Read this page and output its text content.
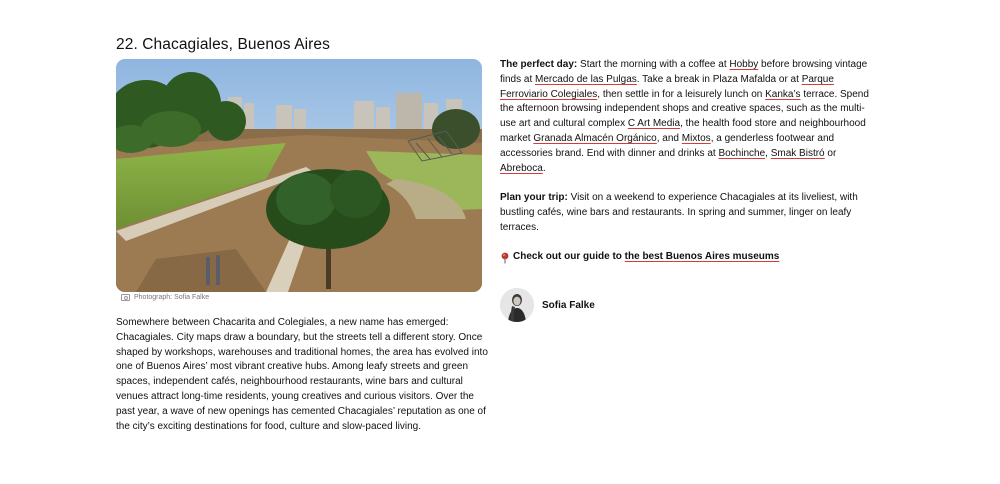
22. Chacagiales, Buenos Aires
Photograph: Sofia Falke

Somewhere between Chacarita and Colegiales, a new name has emerged: Chacagiales. City maps draw a boundary, but the streets tell a different story. Once shaped by workshops, warehouses and traditional homes, the area has evolved into one of Buenos Aires’ most vibrant creative hubs. Among leafy streets and green spaces, independent cafés, neighbourhood restaurants, wine bars and cultural venues attract long-time residents, young creatives and curious visitors. Over the past year, a wave of new openings has cemented Chacagiales’ reputation as one of the city’s exciting destinations for food, culture and slow-paced living.

The perfect day: Start the morning with a coffee at Hobby before browsing vintage finds at Mercado de las Pulgas. Take a break in Plaza Mafalda or at Parque Ferroviario Colegiales, then settle in for a leisurely lunch on Kanka’s terrace. Spend the afternoon browsing independent shops and creative spaces, such as the multi-use art and cultural complex C Art Media, the health food store and neighbourhood market Granada Almacén Orgánico, and Mixtos, a genderless footwear and accessories brand. End with dinner and drinks at Bochinche, Smak Bistró or Abreboca.

Plan your trip: Visit on a weekend to experience Chacagiales at its liveliest, with bustling cafés, wine bars and restaurants. In spring and summer, linger on leafy terraces.

Check out our guide to the best Buenos Aires museums

Sofia Falke
